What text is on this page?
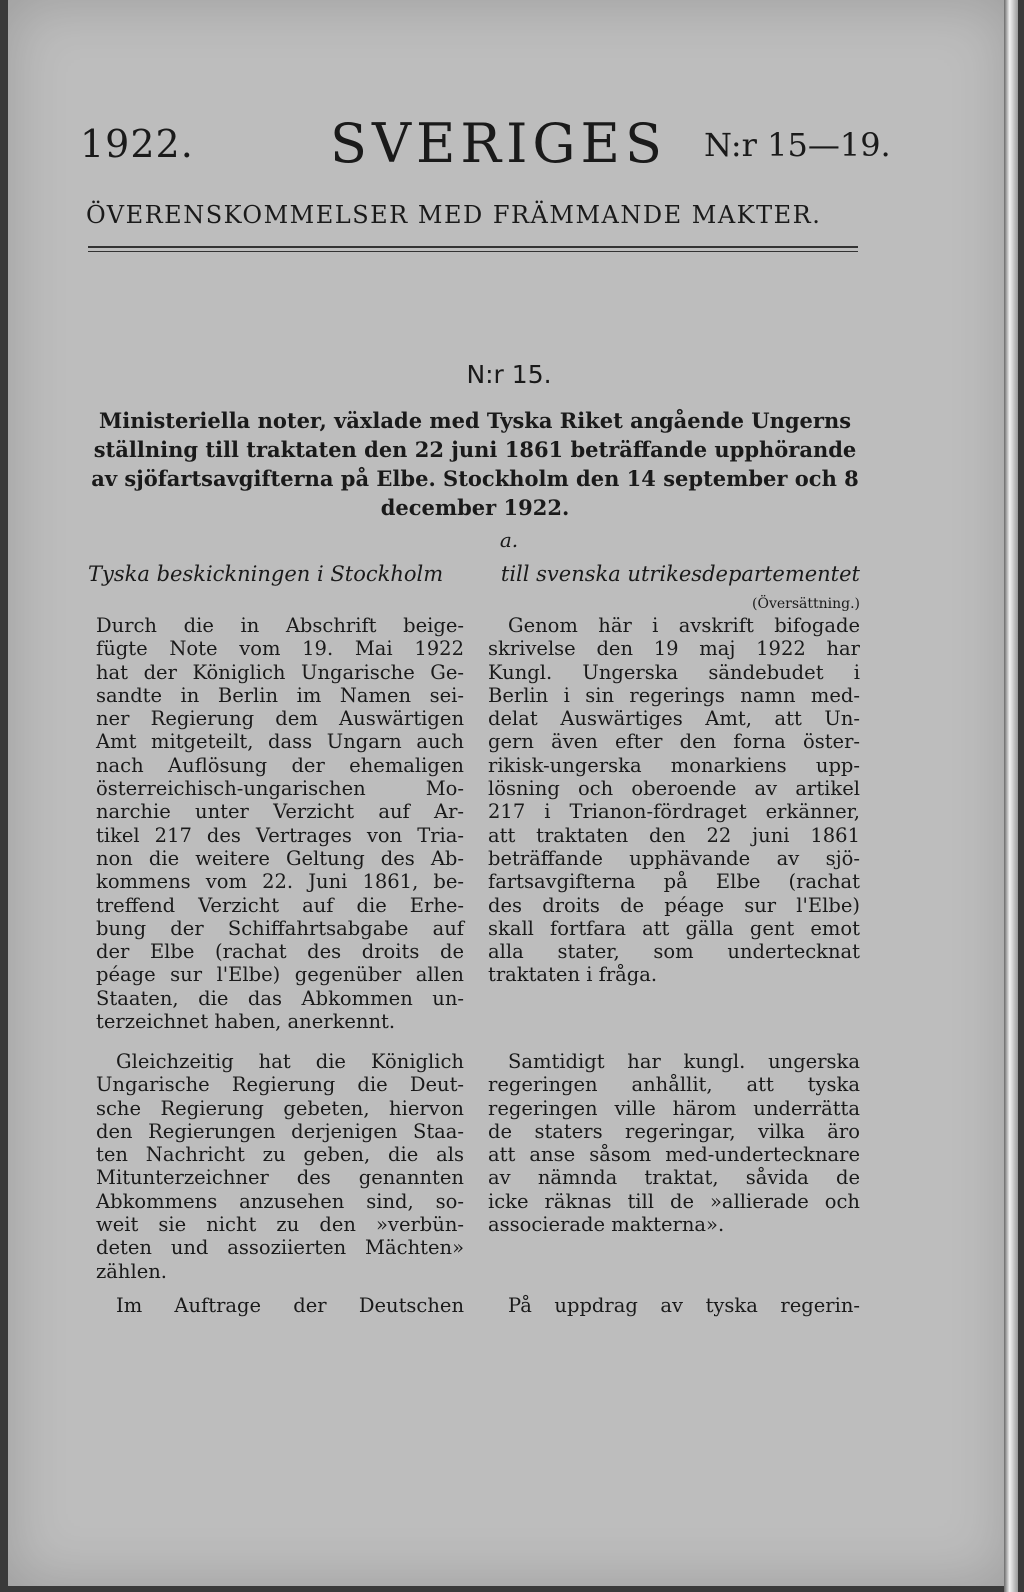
1922.	SVERIGES N:r 15—19.
ÖVERENSKOMMELSER MED FRÄMMANDE MAKTER.
N:r 15.
Ministeriella noter, växlade med Tyska Riket angående Ungerns ställning till traktaten den 22 juni 1861 beträffande upphörande av sjöfartsavgifterna på Elbe. Stockholm den 14 september och 8 december 1922.
a.
Tyska beskickningen i Stockholm	till svenska utrikesdepartementet
(Översättning.)

Durch die in Abschrift beige-
fügte Note vom 19. Mai 1922
hat der Königlich Ungarische Ge-
sandte in Berlin im Namen sei-
ner Regierung dem Auswärtigen
Amt mitgeteilt, dass Ungarn auch
nach Auflösung der ehemaligen
österreichisch-ungarischen Mo-
narchie unter Verzicht auf Ar-
tikel 217 des Vertrages von Tria-
non die weitere Geltung des Ab-
kommens vom 22. Juni 1861, be-
treffend Verzicht auf die Erhe-
bung der Schiffahrtsabgabe auf
der Elbe (rachat des droits de
péage sur l'Elbe) gegenüber allen
Staaten, die das Abkommen un-

terzeichnet haben, anerkennt.

Gleichzeitig hat die Königlich
Ungarische Regierung die Deut-
sche Regierung gebeten, hiervon
den Regierungen derjenigen Staa-
ten Nachricht zu geben, die als
Mitunterzeichner des genannten
Abkommens anzusehen sind, so-
weit sie nicht zu den »verbün-
deten und assoziierten Mächten»

zählen.

Im Auftrage der Deutschen

Genom här i avskrift bifogade
skrivelse den 19 maj 1922 har
Kungl. Ungerska sändebudet i
Berlin i sin regerings namn med-
delat Auswärtiges Amt, att Un-
gern även efter den forna öster-
rikisk-ungerska monarkiens upp-
lösning och oberoende av artikel
217 i Trianon-fördraget erkänner,
att traktaten den 22 juni 1861
beträffande upphävande av sjö-
fartsavgifterna på Elbe (rachat
des droits de péage sur l'Elbe)
skall fortfara att gälla gent emot
alla stater, som undertecknat

traktaten i fråga.

Samtidigt har kungl. ungerska
regeringen anhållit, att tyska
regeringen ville härom underrätta
de staters regeringar, vilka äro
att anse såsom med-undertecknare
av nämnda traktat, såvida de
icke räknas till de »allierade och

associerade makterna».

På uppdrag av tyska regerin-
